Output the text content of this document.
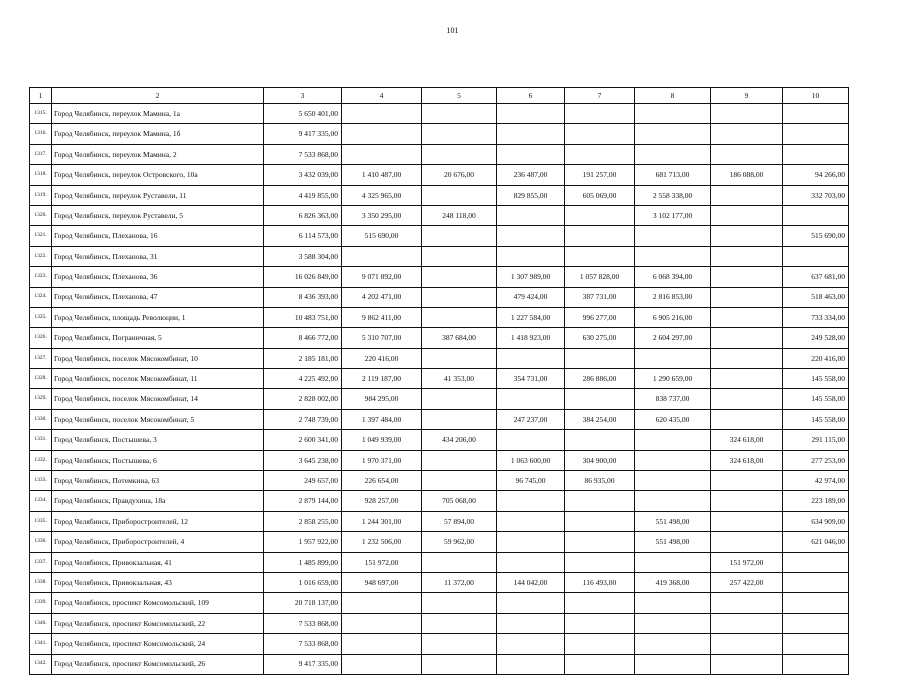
101
1	2	3	4	5	6	7	8	9	10
1315.	Город Челябинск, переулок Мамина, 1а	5 650 401,00							
1316.	Город Челябинск, переулок Мамина, 1б	9 417 335,00							
1317.	Город Челябинск, переулок Мамина, 2	7 533 868,00							
1318.	Город Челябинск, переулок Островского, 10а	3 432 039,00	1 410 487,00	20 676,00	236 487,00	191 257,00	681 713,00	186 088,00	94 266,00
1319.	Город Челябинск, переулок Руставели, 11	4 419 855,00	4 325 965,00		829 855,00	605 069,00	2 558 338,00		332 703,00
1320.	Город Челябинск, переулок Руставели, 5	6 826 363,00	3 350 295,00	248 118,00			3 102 177,00		
1321.	Город Челябинск, Плеханова, 16	6 114 573,00	515 690,00						515 690,00
1322.	Город Челябинск, Плеханова, 31	3 588 304,00							
1323.	Город Челябинск, Плеханова, 36	16 026 849,00	9 071 892,00		1 307 989,00	1 057 828,00	6 068 394,00		637 681,00
1324.	Город Челябинск, Плеханова, 47	8 436 393,00	4 202 471,00		479 424,00	387 731,00	2 816 853,00		518 463,00
1325.	Город Челябинск, площадь Революции, 1	10 483 751,00	9 862 411,00		1 227 584,00	996 277,00	6 905 216,00		733 334,00
1326.	Город Челябинск, Пограничная, 5	8 466 772,00	5 310 707,00	387 684,00	1 418 923,00	630 275,00	2 604 297,00		249 528,00
1327.	Город Челябинск, поселок Мясокомбинат, 10	2 185 181,00	220 416,00						220 416,00
1328.	Город Челябинск, поселок Мясокомбинат, 11	4 225 492,00	2 119 187,00	41 353,00	354 731,00	286 886,00	1 290 659,00		145 558,00
1329.	Город Челябинск, поселок Мясокомбинат, 14	2 828 002,00	984 295,00				838 737,00		145 558,00
1330.	Город Челябинск, поселок Мясокомбинат, 5	2 748 739,00	1 397 484,00		247 237,00	384 254,00	620 435,00		145 558,00
1331.	Город Челябинск, Постышева, 3	2 600 341,00	1 049 939,00	434 206,00				324 618,00	291 115,00
1332.	Город Челябинск, Постышева, 6	3 645 238,00	1 970 371,00		1 063 600,00	304 900,00		324 618,00	277 253,00
1333.	Город Челябинск, Потемкина, 63	249 657,00	226 654,00		96 745,00	86 935,00			42 974,00
1334.	Город Челябинск, Правдухина, 18а	2 879 144,00	928 257,00	705 068,00					223 189,00
1335.	Город Челябинск, Приборостроителей, 12	2 858 255,00	1 244 301,00	57 894,00			551 498,00		634 909,00
1336.	Город Челябинск, Приборостроителей, 4	1 957 922,00	1 232 506,00	59 962,00			551 498,00		621 046,00
1337.	Город Челябинск, Привокзальная, 41	1 485 899,00	151 972,00					151 972,00	
1338.	Город Челябинск, Привокзальная, 43	1 016 659,00	948 697,00	11 372,00	144 042,00	116 493,00	419 368,00	257 422,00	
1339.	Город Челябинск, проспект Комсомольский, 109	20 718 137,00							
1340.	Город Челябинск, проспект Комсомольский, 22	7 533 868,00							
1341.	Город Челябинск, проспект Комсомольский, 24	7 533 868,00							
1342.	Город Челябинск, проспект Комсомольский, 26	9 417 335,00							
